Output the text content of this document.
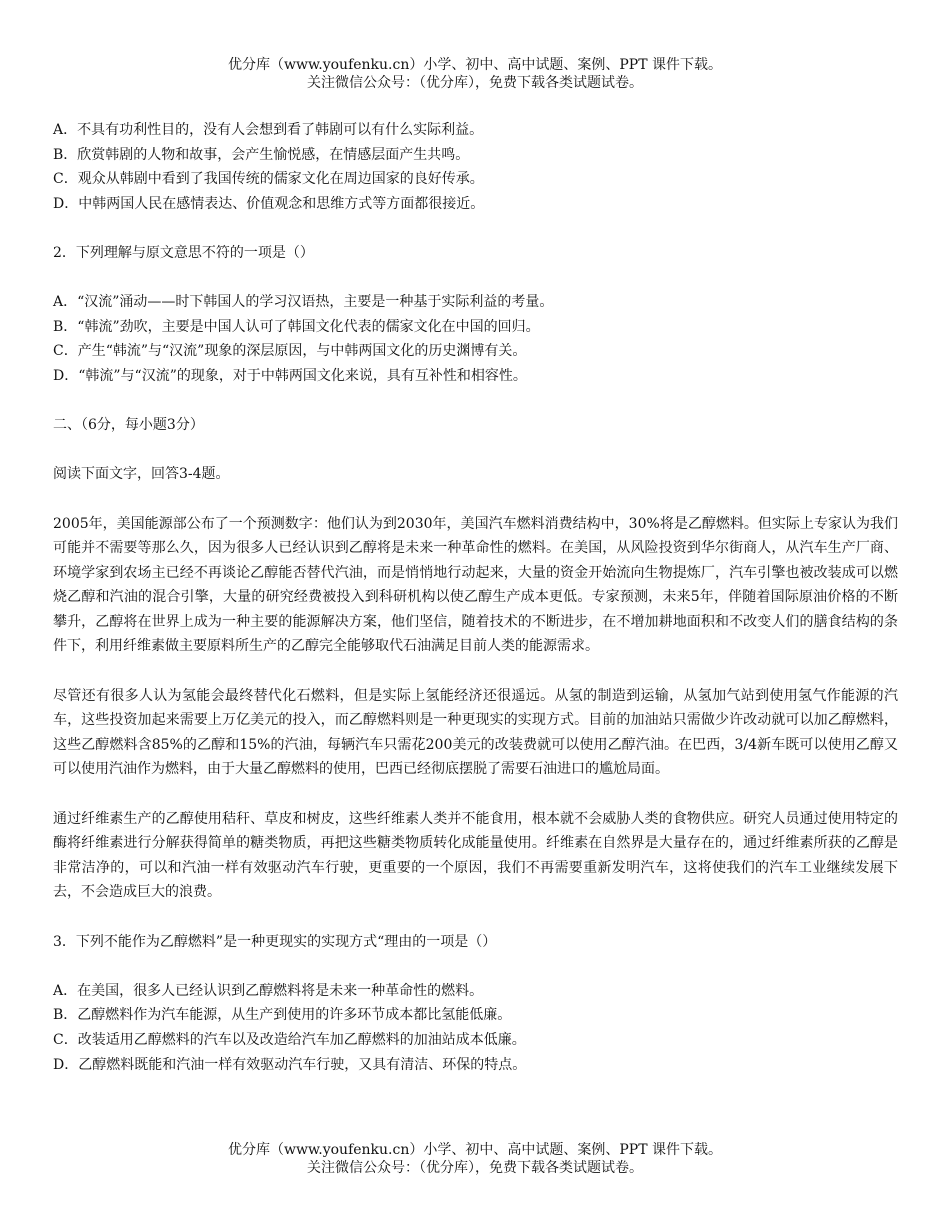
优分库（www.youfenku.cn）小学、初中、高中试题、案例、PPT 课件下载。
关注微信公众号：（优分库），免费下载各类试题试卷。
A．不具有功利性目的，没有人会想到看了韩剧可以有什么实际利益。
B．欣赏韩剧的人物和故事，会产生愉悦感，在情感层面产生共鸣。
C．观众从韩剧中看到了我国传统的儒家文化在周边国家的良好传承。
D．中韩两国人民在感情表达、价值观念和思维方式等方面都很接近。
2．下列理解与原文意思不符的一项是（）
A．“汉流”涌动——时下韩国人的学习汉语热，主要是一种基于实际利益的考量。
B．“韩流”劲吹，主要是中国人认可了韩国文化代表的儒家文化在中国的回归。
C．产生“韩流”与“汉流”现象的深层原因，与中韩两国文化的历史渊博有关。
D．“韩流”与“汉流”的现象，对于中韩两国文化来说，具有互补性和相容性。
二、（6分，每小题3分）
阅读下面文字，回答3-4题。
2005年，美国能源部公布了一个预测数字：他们认为到2030年，美国汽车燃料消费结构中，30%将是乙醇燃料。但实际上专家认为我们可能并不需要等那么久，因为很多人已经认识到乙醇将是未来一种革命性的燃料。在美国，从风险投资到华尔街商人，从汽车生产厂商、环境学家到农场主已经不再谈论乙醇能否替代汽油，而是悄悄地行动起来，大量的资金开始流向生物提炼厂，汽车引擎也被改装成可以燃烧乙醇和汽油的混合引擎，大量的研究经费被投入到科研机构以使乙醇生产成本更低。专家预测，未来5年，伴随着国际原油价格的不断攀升，乙醇将在世界上成为一种主要的能源解决方案，他们坚信，随着技术的不断进步，在不增加耕地面积和不改变人们的膳食结构的条件下，利用纤维素做主要原料所生产的乙醇完全能够取代石油满足目前人类的能源需求。
尽管还有很多人认为氢能会最终替代化石燃料，但是实际上氢能经济还很遥远。从氢的制造到运输，从氢加气站到使用氢气作能源的汽车，这些投资加起来需要上万亿美元的投入，而乙醇燃料则是一种更现实的实现方式。目前的加油站只需做少许改动就可以加乙醇燃料，这些乙醇燃料含85%的乙醇和15%的汽油，每辆汽车只需花200美元的改装费就可以使用乙醇汽油。在巴西，3/4新车既可以使用乙醇又可以使用汽油作为燃料，由于大量乙醇燃料的使用，巴西已经彻底摆脱了需要石油进口的尴尬局面。
通过纤维素生产的乙醇使用秸秆、草皮和树皮，这些纤维素人类并不能食用，根本就不会威胁人类的食物供应。研究人员通过使用特定的酶将纤维素进行分解获得简单的糖类物质，再把这些糖类物质转化成能量使用。纤维素在自然界是大量存在的，通过纤维素所获的乙醇是非常洁净的，可以和汽油一样有效驱动汽车行驶，更重要的一个原因，我们不再需要重新发明汽车，这将使我们的汽车工业继续发展下去，不会造成巨大的浪费。
3．下列不能作为乙醇燃料”是一种更现实的实现方式“理由的一项是（）
A．在美国，很多人已经认识到乙醇燃料将是未来一种革命性的燃料。
B．乙醇燃料作为汽车能源，从生产到使用的许多环节成本都比氢能低廉。
C．改装适用乙醇燃料的汽车以及改造给汽车加乙醇燃料的加油站成本低廉。
D．乙醇燃料既能和汽油一样有效驱动汽车行驶，又具有清洁、环保的特点。
优分库（www.youfenku.cn）小学、初中、高中试题、案例、PPT 课件下载。
关注微信公众号：（优分库），免费下载各类试题试卷。
